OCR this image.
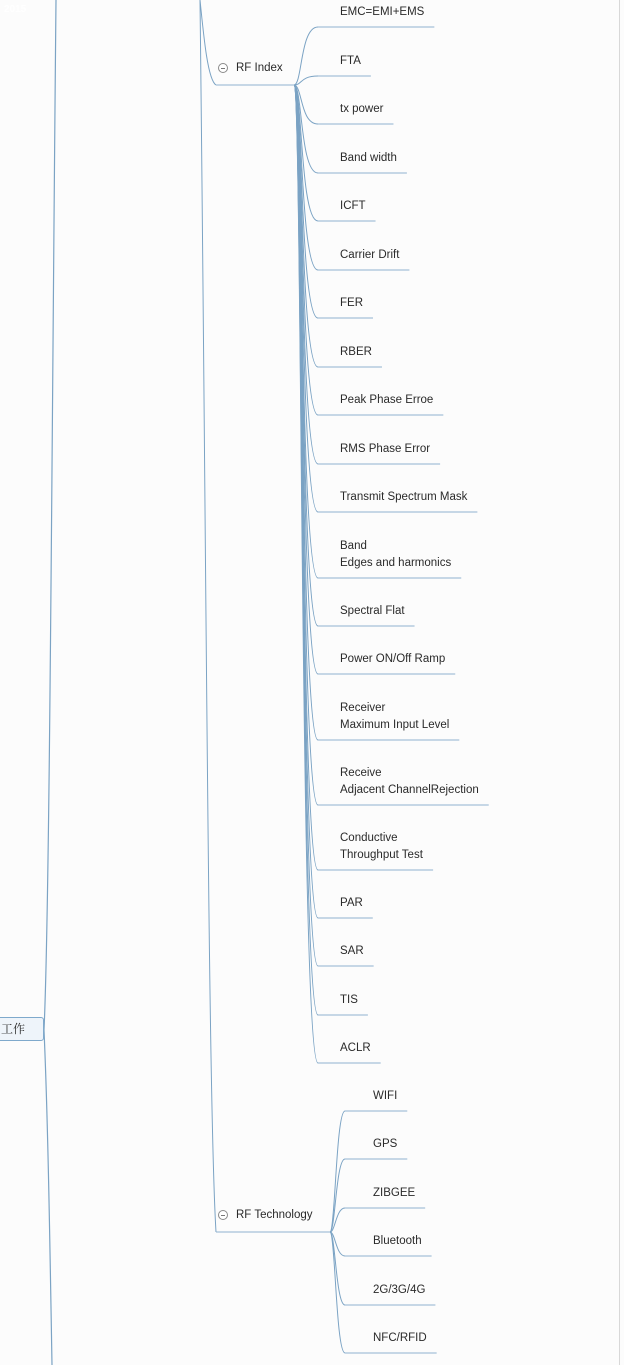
2015
工作
RF Index
RF Technology
EMC=EMI+EMS
FTA
tx power
Band width
ICFT
Carrier Drift
FER
RBER
Peak Phase Erroe
RMS Phase Error
Transmit Spectrum Mask
Band
Edges and harmonics
Spectral Flat
Power ON/Off Ramp
Receiver
Maximum Input Level
Receive
Adjacent ChannelRejection
Conductive
Throughput Test
PAR
SAR
TIS
ACLR
WIFI
GPS
ZIBGEE
Bluetooth
2G/3G/4G
NFC/RFID
